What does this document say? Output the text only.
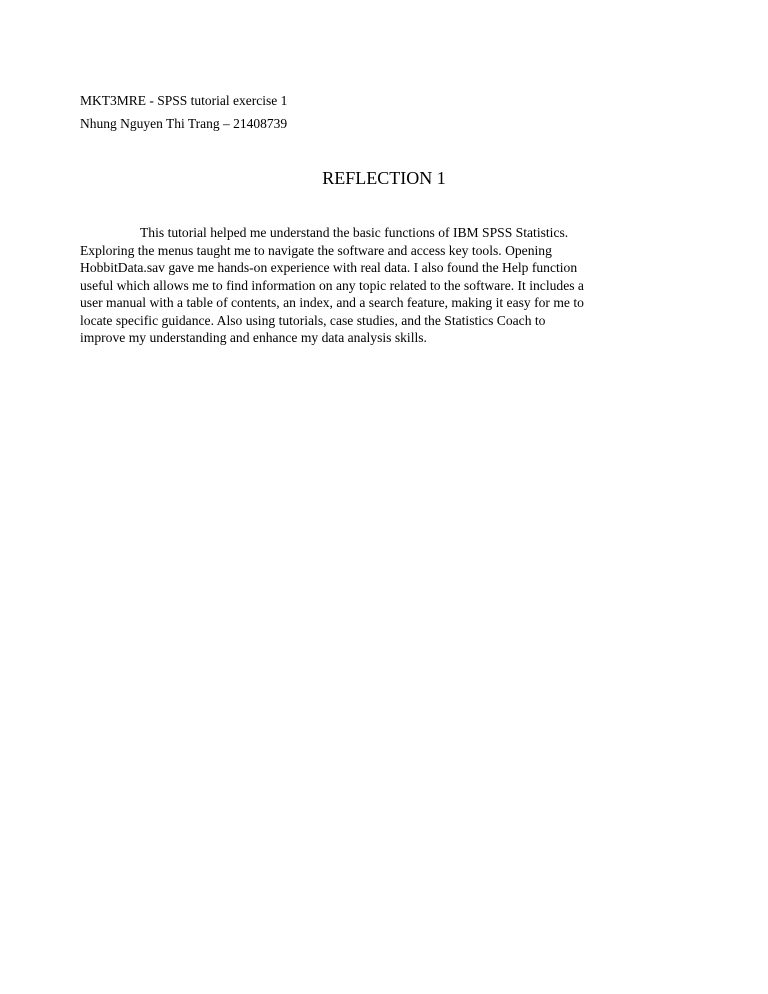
MKT3MRE - SPSS tutorial exercise 1
Nhung Nguyen Thi Trang – 21408739
REFLECTION 1
This tutorial helped me understand the basic functions of IBM SPSS Statistics.
Exploring the menus taught me to navigate the software and access key tools. Opening
HobbitData.sav gave me hands-on experience with real data. I also found the Help function
useful which allows me to find information on any topic related to the software. It includes a
user manual with a table of contents, an index, and a search feature, making it easy for me to
locate specific guidance. Also using tutorials, case studies, and the Statistics Coach to
improve my understanding and enhance my data analysis skills.
